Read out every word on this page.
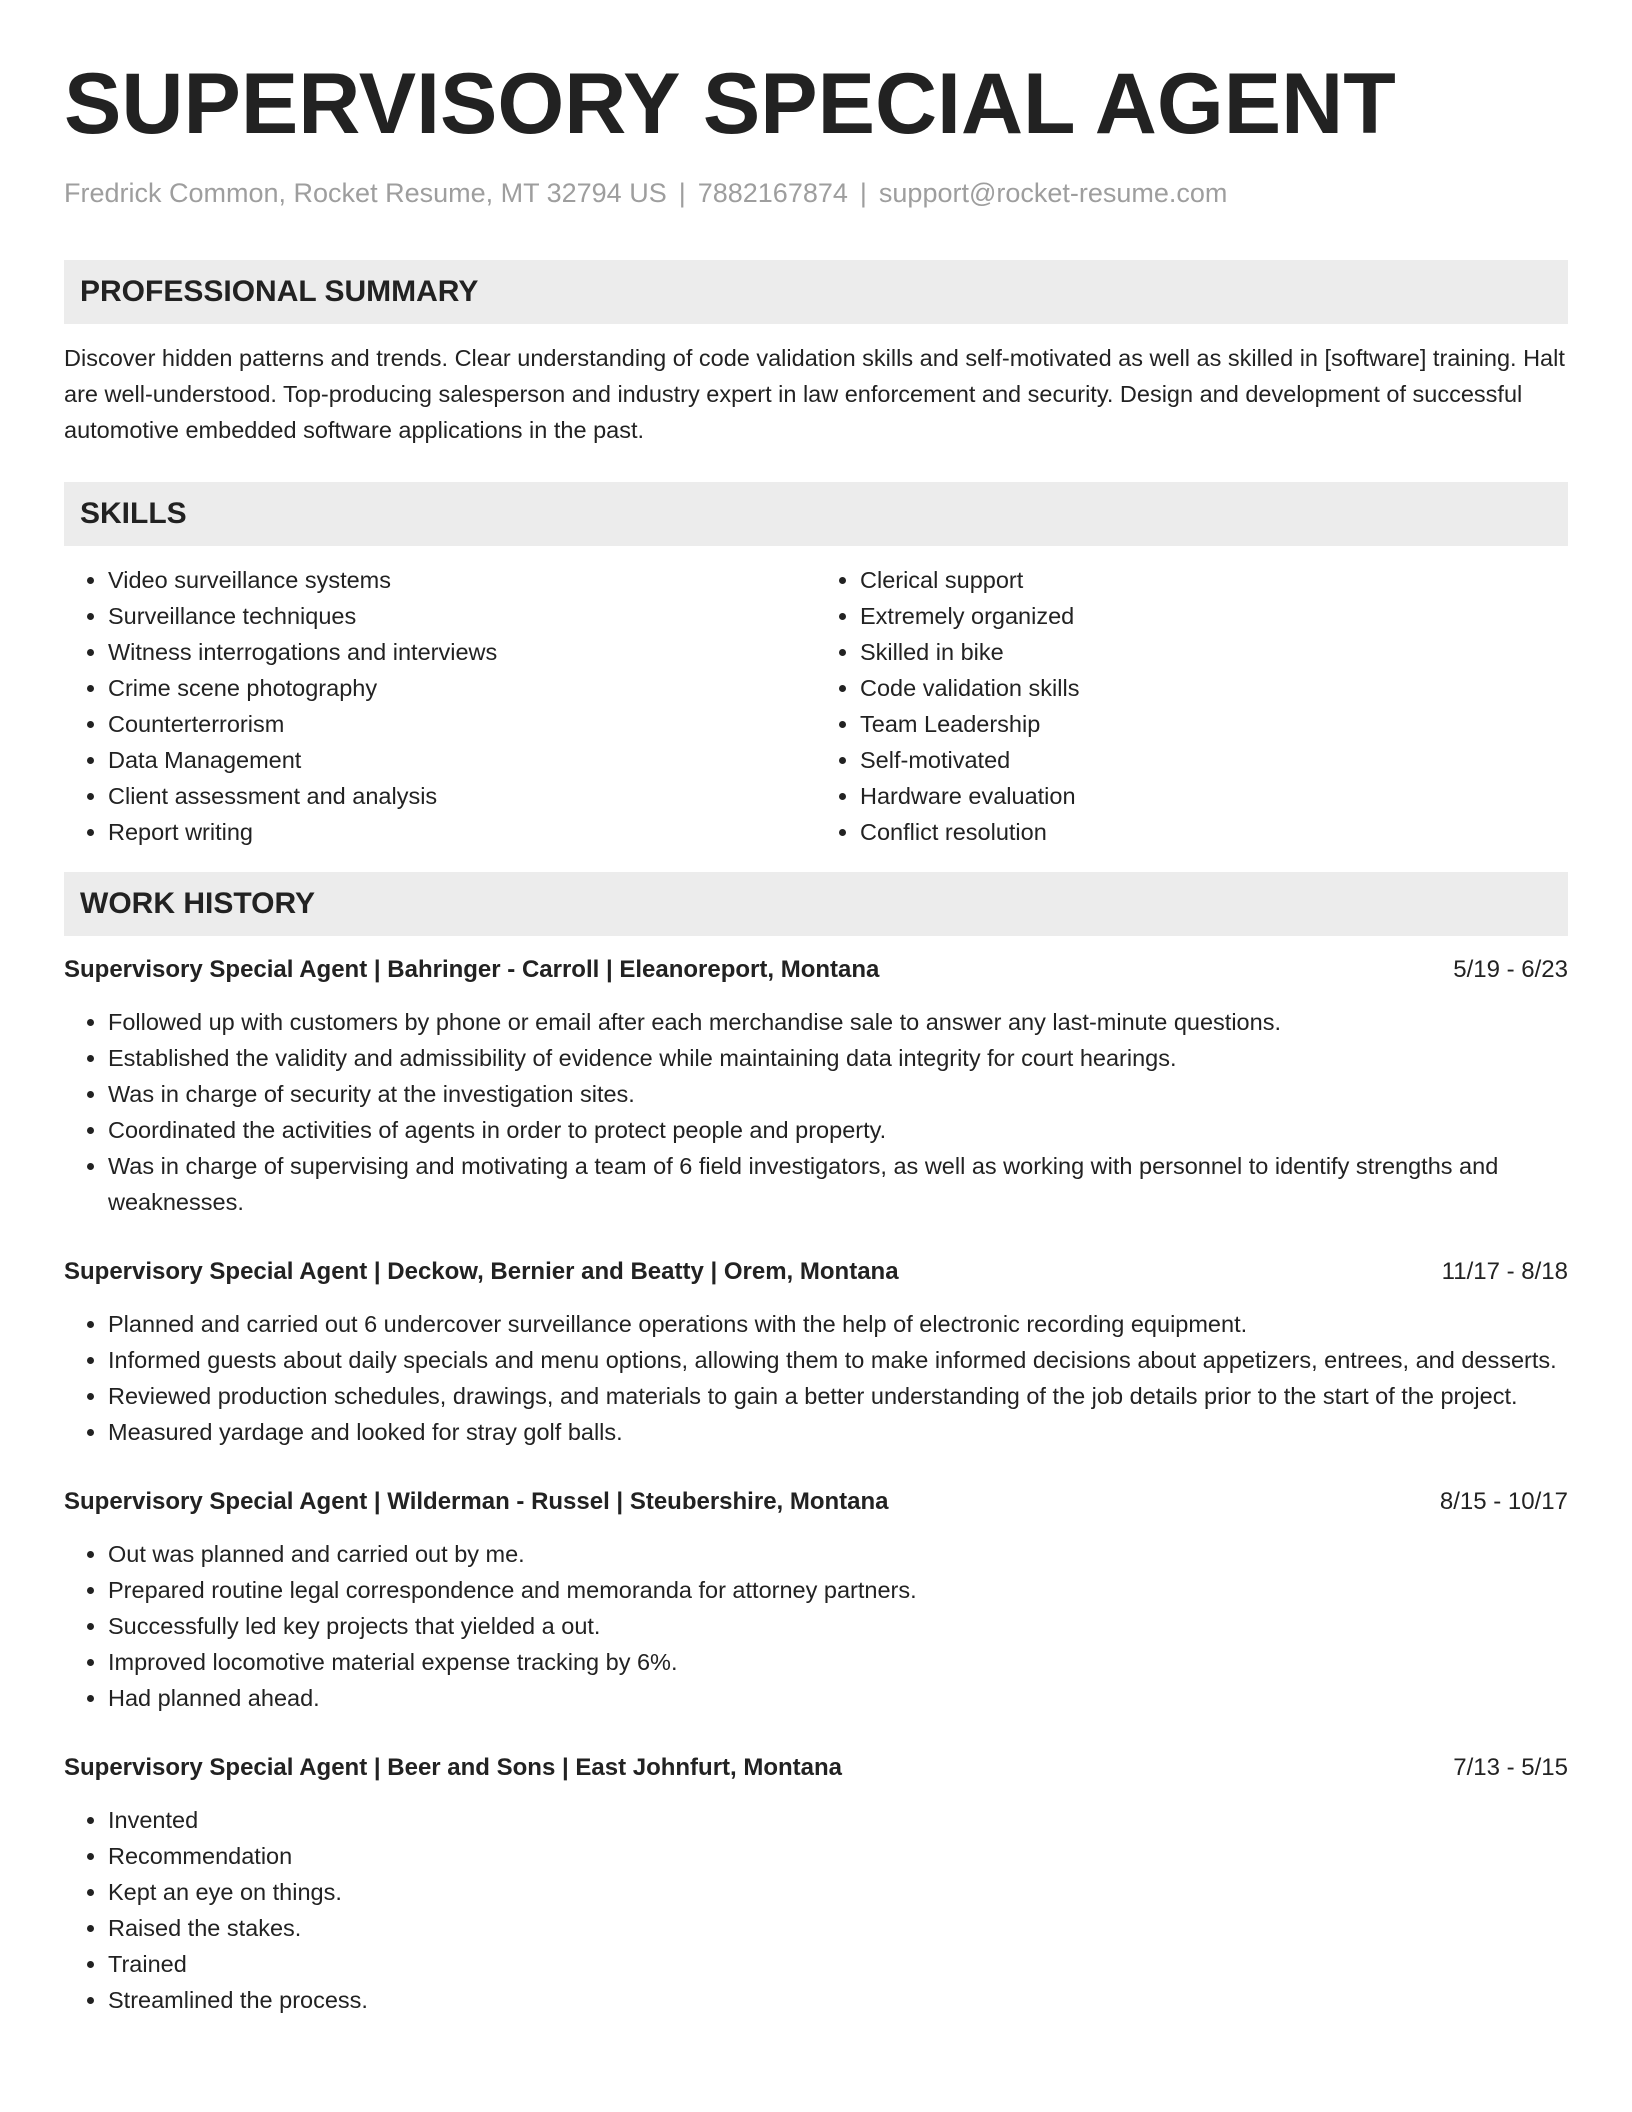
SUPERVISORY SPECIAL AGENT
Fredrick Common, Rocket Resume, MT 32794 US | 7882167874 | support@rocket-resume.com
PROFESSIONAL SUMMARY
Discover hidden patterns and trends. Clear understanding of code validation skills and self-motivated as well as skilled in [software] training. Halt are well-understood. Top-producing salesperson and industry expert in law enforcement and security. Design and development of successful automotive embedded software applications in the past.
SKILLS
• Video surveillance systems
• Surveillance techniques
• Witness interrogations and interviews
• Crime scene photography
• Counterterrorism
• Data Management
• Client assessment and analysis
• Report writing
• Clerical support
• Extremely organized
• Skilled in bike
• Code validation skills
• Team Leadership
• Self-motivated
• Hardware evaluation
• Conflict resolution
WORK HISTORY
Supervisory Special Agent | Bahringer - Carroll | Eleanoreport, Montana	5/19 - 6/23
• Followed up with customers by phone or email after each merchandise sale to answer any last-minute questions.
• Established the validity and admissibility of evidence while maintaining data integrity for court hearings.
• Was in charge of security at the investigation sites.
• Coordinated the activities of agents in order to protect people and property.
• Was in charge of supervising and motivating a team of 6 field investigators, as well as working with personnel to identify strengths and weaknesses.
Supervisory Special Agent | Deckow, Bernier and Beatty | Orem, Montana	11/17 - 8/18
• Planned and carried out 6 undercover surveillance operations with the help of electronic recording equipment.
• Informed guests about daily specials and menu options, allowing them to make informed decisions about appetizers, entrees, and desserts.
• Reviewed production schedules, drawings, and materials to gain a better understanding of the job details prior to the start of the project.
• Measured yardage and looked for stray golf balls.
Supervisory Special Agent | Wilderman - Russel | Steubershire, Montana	8/15 - 10/17
• Out was planned and carried out by me.
• Prepared routine legal correspondence and memoranda for attorney partners.
• Successfully led key projects that yielded a out.
• Improved locomotive material expense tracking by 6%.
• Had planned ahead.
Supervisory Special Agent | Beer and Sons | East Johnfurt, Montana	7/13 - 5/15
• Invented
• Recommendation
• Kept an eye on things.
• Raised the stakes.
• Trained
• Streamlined the process.
